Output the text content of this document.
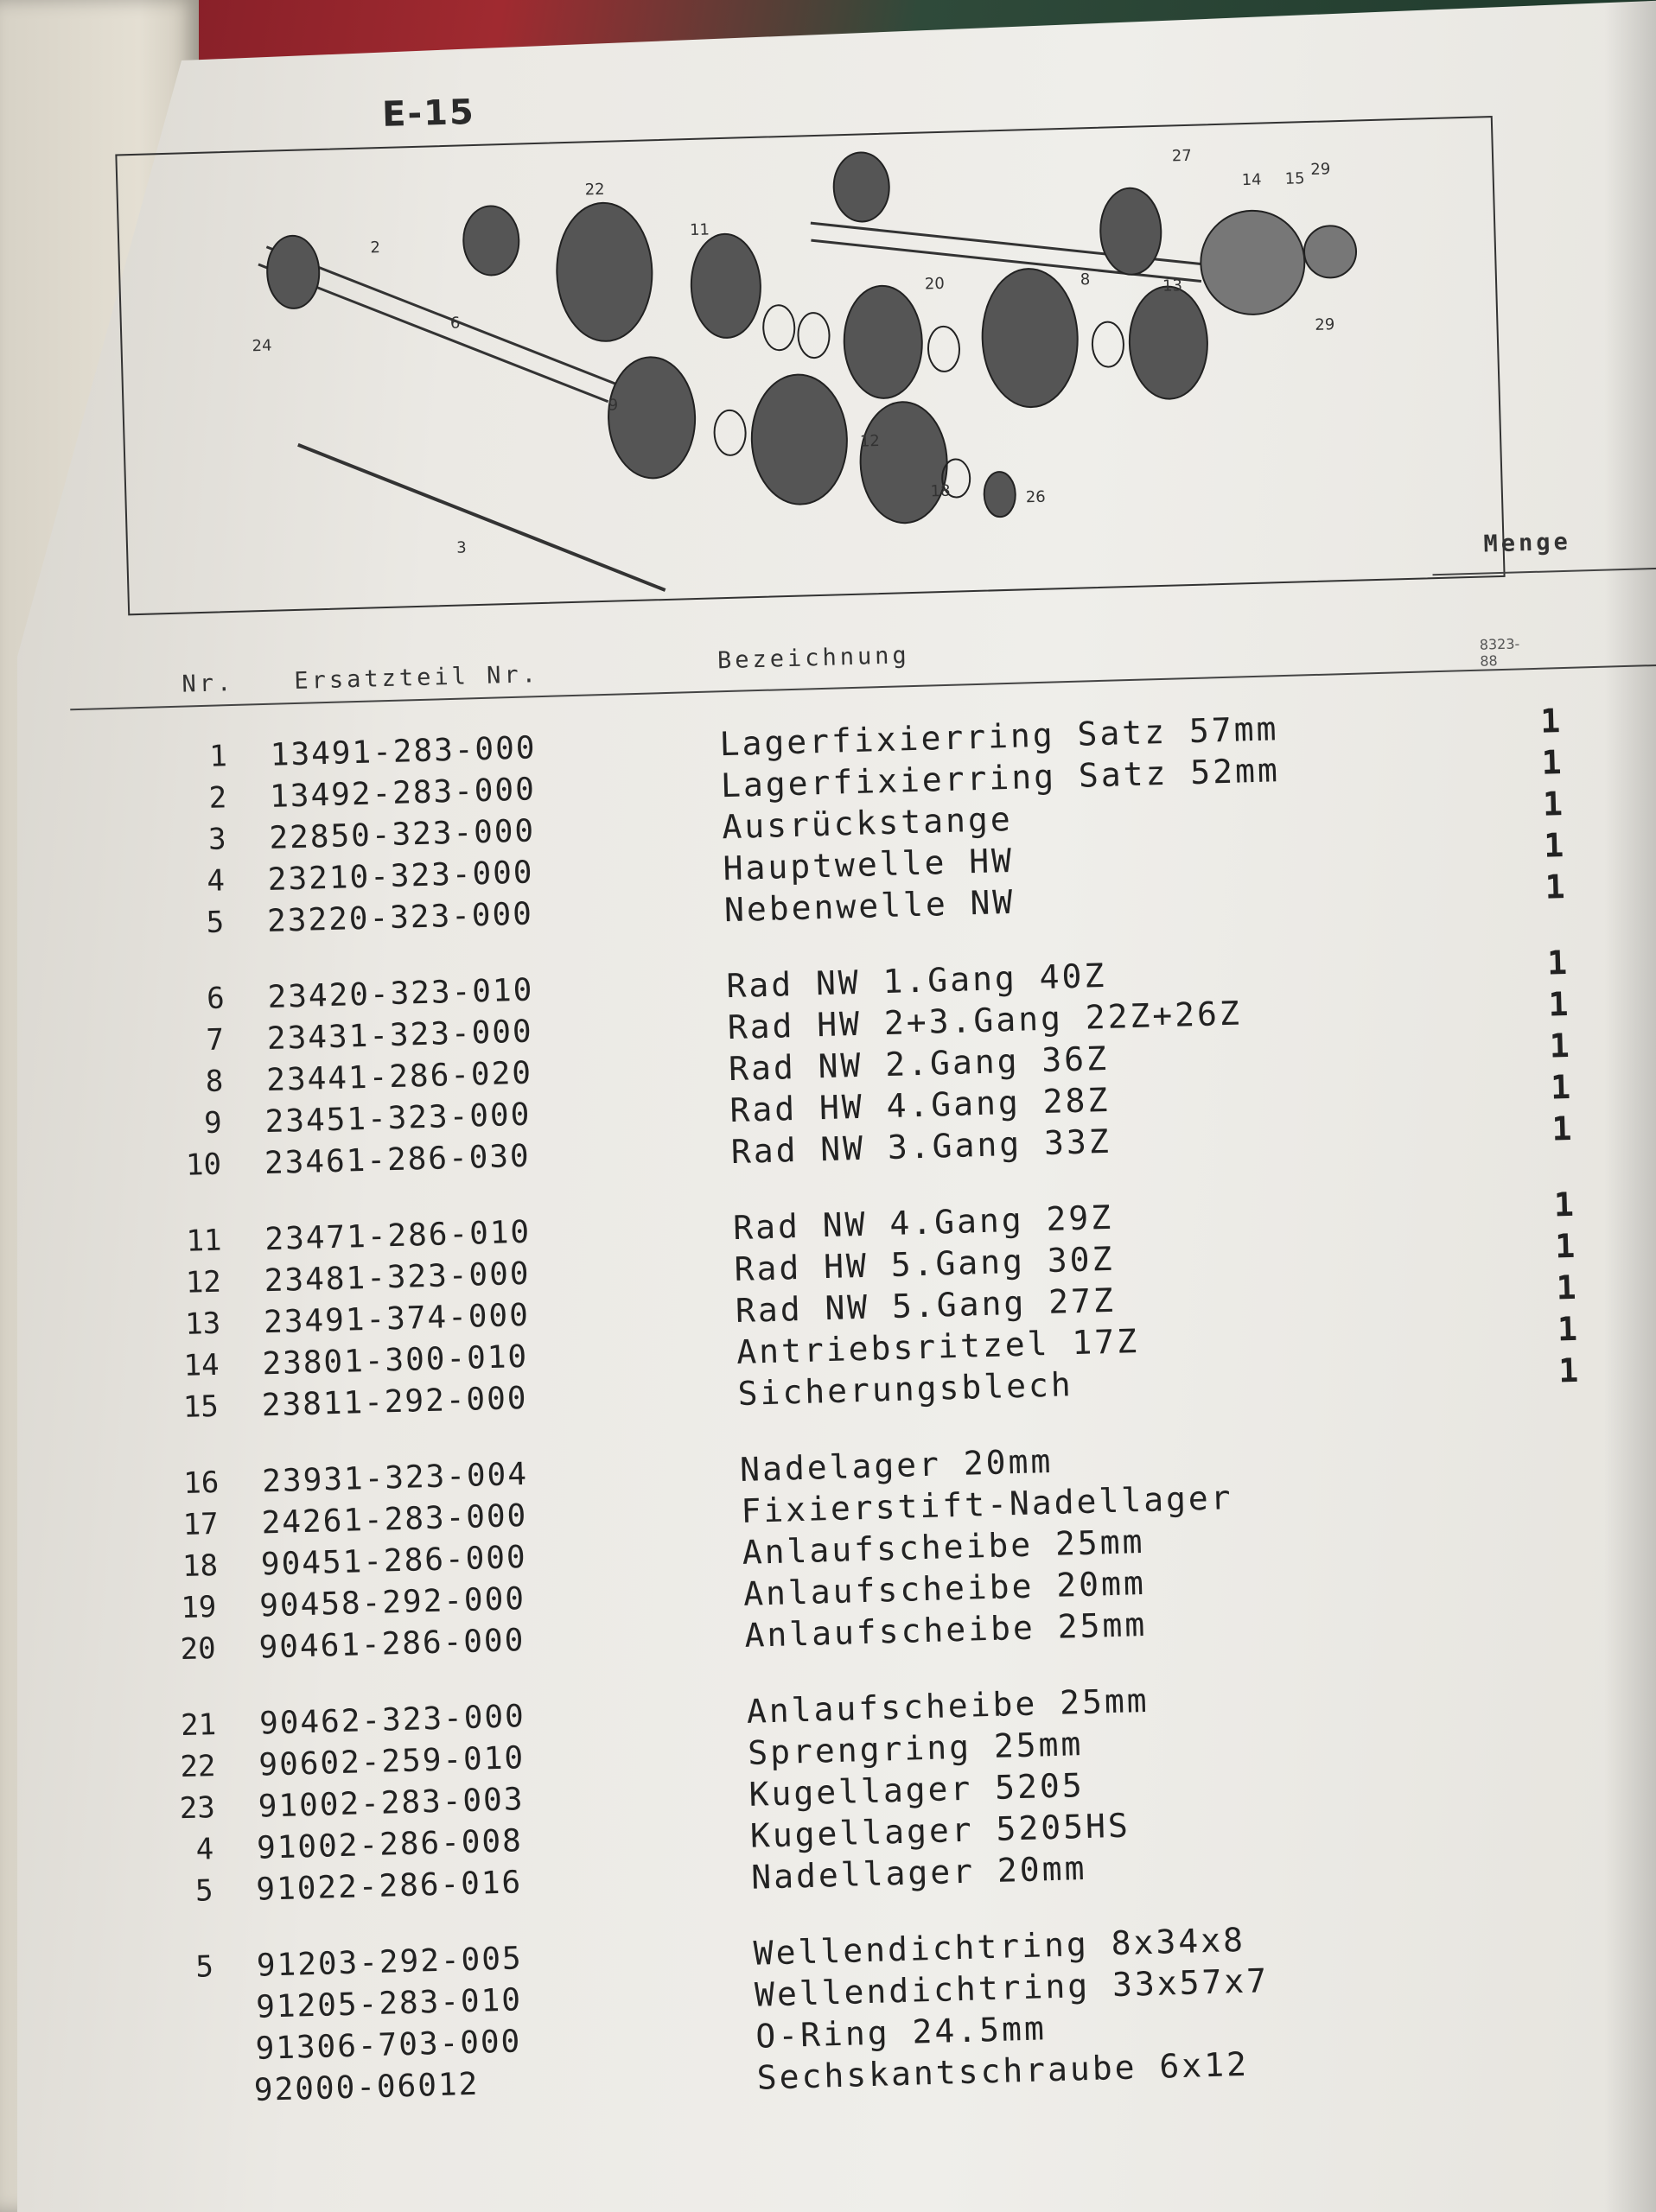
E-15
24
2
6
22
11
20	8	13
27
14 15
29
29
9
12
18	26
3
8323-88
Menge
Nr.	Ersatzteil Nr.
Bezeichnung
1 13491-283-000	Lagerfixierring Satz 57mm	1
2 13492-283-000	Lagerfixierring Satz 52mm	1
3 22850-323-000	Ausrückstange	1
4 23210-323-000	Hauptwelle HW	1
5 23220-323-000	Nebenwelle NW	1
6 23420-323-010	Rad NW 1.Gang 40Z	1
7 23431-323-000	Rad HW 2+3.Gang 22Z+26Z	1
8 23441-286-020	Rad NW 2.Gang 36Z	1
9 23451-323-000	Rad HW 4.Gang 28Z	1
10 23461-286-030	Rad NW 3.Gang 33Z	1
11 23471-286-010	Rad NW 4.Gang 29Z	1
12 23481-323-000	Rad HW 5.Gang 30Z	1
13 23491-374-000	Rad NW 5.Gang 27Z	1
14 23801-300-010	Antriebsritzel 17Z	1
15 23811-292-000	Sicherungsblech	1
16 23931-323-004	Nadelager 20mm
17 24261-283-000	Fixierstift-Nadellager
18 90451-286-000	Anlaufscheibe 25mm
19 90458-292-000	Anlaufscheibe 20mm
20 90461-286-000	Anlaufscheibe 25mm
21 90462-323-000	Anlaufscheibe 25mm
22 90602-259-010	Sprengring 25mm
23 91002-283-003	Kugellager 5205
4 91002-286-008	Kugellager 5205HS
5 91022-286-016	Nadellager 20mm
5 91203-292-005	Wellendichtring 8x34x8
91205-283-010	Wellendichtring 33x57x7
91306-703-000	O-Ring 24.5mm
92000-06012	Sechskantschraube 6x12
